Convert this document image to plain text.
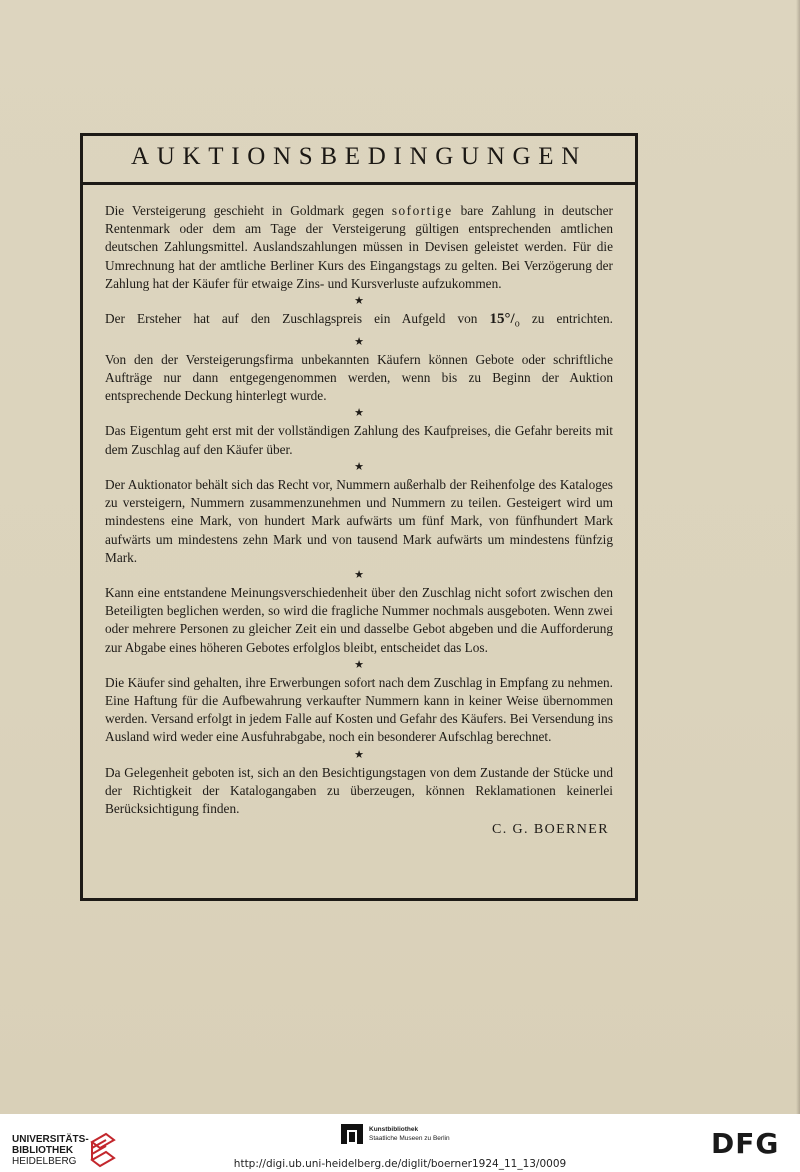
AUKTIONSBEDINGUNGEN

Die Versteigerung geschieht in Goldmark gegen sofortige bare Zahlung in deutscher Rentenmark oder dem am Tage der Versteigerung gültigen entsprechenden amtlichen deutschen Zahlungsmittel. Auslandszahlungen müssen in Devisen geleistet werden. Für die Umrechnung hat der amtliche Berliner Kurs des Eingangstags zu gelten. Bei Verzögerung der Zahlung hat der Käufer für etwaige Zins- und Kursverluste aufzukommen.

★

Der Ersteher hat auf den Zuschlagspreis ein Aufgeld von $15^\circ/_o$ zu entrichten.

★

Von den der Versteigerungsfirma unbekannten Käufern können Gebote oder schriftliche Aufträge nur dann entgegengenommen werden, wenn bis zu Beginn der Auktion entsprechende Deckung hinterlegt wurde.

★

Das Eigentum geht erst mit der vollständigen Zahlung des Kaufpreises, die Gefahr bereits mit dem Zuschlag auf den Käufer über.

★

Der Auktionator behält sich das Recht vor, Nummern außerhalb der Reihenfolge des Kataloges zu versteigern, Nummern zusammenzunehmen und Nummern zu teilen. Gesteigert wird um mindestens eine Mark, von hundert Mark aufwärts um fünf Mark, von fünfhundert Mark aufwärts um mindestens zehn Mark und von tausend Mark aufwärts um mindestens fünfzig Mark.

★

Kann eine entstandene Meinungsverschiedenheit über den Zuschlag nicht sofort zwischen den Beteiligten beglichen werden, so wird die fragliche Nummer nochmals ausgeboten. Wenn zwei oder mehrere Personen zu gleicher Zeit ein und dasselbe Gebot abgeben und die Aufforderung zur Abgabe eines höheren Gebotes erfolglos bleibt, entscheidet das Los.

★

Die Käufer sind gehalten, ihre Erwerbungen sofort nach dem Zuschlag in Empfang zu nehmen. Eine Haftung für die Aufbewahrung verkaufter Nummern kann in keiner Weise übernommen werden. Versand erfolgt in jedem Falle auf Kosten und Gefahr des Käufers. Bei Versendung ins Ausland wird weder eine Ausfuhrabgabe, noch ein besonderer Aufschlag berechnet.

★

Da Gelegenheit geboten ist, sich an den Besichtigungstagen von dem Zustande der Stücke und der Richtigkeit der Katalogangaben zu überzeugen, können Reklamationen keinerlei Berücksichtigung finden.

C. G. BOERNER
UNIVERSITÄTS-
BIBLIOTHEK
HEIDELBERG
Kunstbibliothek
Staatliche Museen zu Berlin	DFG
http://digi.ub.uni-heidelberg.de/diglit/boerner1924_11_13/0009
